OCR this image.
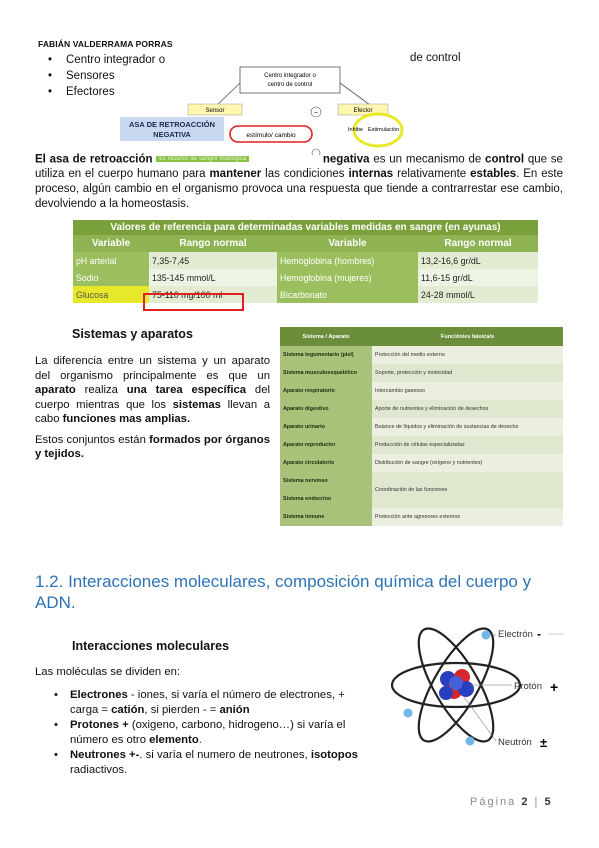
FABIÁN VALDERRAMA PORRAS
• Centro integrador o
• Sensores
• Efectores
de control
Centro integrador o
centro de control
Sensor	Efector
−
Inhibe Estimulación
ASA DE RETROACCIÓN
NEGATIVA	estímulo/ cambio
El asa de retroacción es recurso de sangre fisiológica	negativa es un mecanismo de control que se utiliza en el cuerpo humano para mantener las condiciones internas relativamente estables. En este proceso, algún cambio en el organismo provoca una respuesta que tiende a contrarrestar ese cambio, devolviendo a la homeostasis.
Valores de referencia para determinadas variables medidas en sangre (en ayunas)			
Variable	Rango normal	Variable	Rango normal
pH arterial	7,35-7,45	Hemoglobina (hombres)	13,2-16,6 gr/dL
Sodio	135-145 mmol/L	Hemoglobina (mujeres)	11,6-15 gr/dL
Glucosa	75-110 mg/100 ml	Bicarbonato	24-28 mmol/L
Sistemas y aparatos

La diferencia entre un sistema y un aparato del organismo principalmente es que un aparato realiza una tarea específica del cuerpo mientras que los sistemas llevan a cabo funciones mas amplias.

Estos conjuntos están formados por órganos y tejidos.

Sistema / Aparato	Función/es básica/s
Sistema tegumentario (piel)	Protección del medio externo
Sistema musculoesquelético	Soporte, protección y motricidad
Aparato respiratorio	Intercambio gaseoso
Aparato digestivo	Aporte de nutrientes y eliminación de desechos
Aparato urinario	Balance de líquidos y eliminación de sustancias de desecho
Aparato reproductor	Producción de células especializadas
Aparato circulatorio	Distribución de sangre (oxígeno y nutrientes)
Sistema nervioso	Coordinación de las funciones
Sistema endocrino	
Sistema inmune	Protección ante agresores externos
1.2. Interacciones moleculares, composición química del cuerpo y ADN.
Interacciones moleculares
Las moléculas se dividen en:
• Electrones - iones, si varía el número de electrones, + carga = catión, si pierden - = anión
• Protones + (oxigeno, carbono, hidrogeno…) si varía el número es otro elemento.
• Neutrones +-. si varía el numero de neutrones, isotopos radiactivos.
Electrón -
Protón +
Neutrón ±
Página 2 | 5
